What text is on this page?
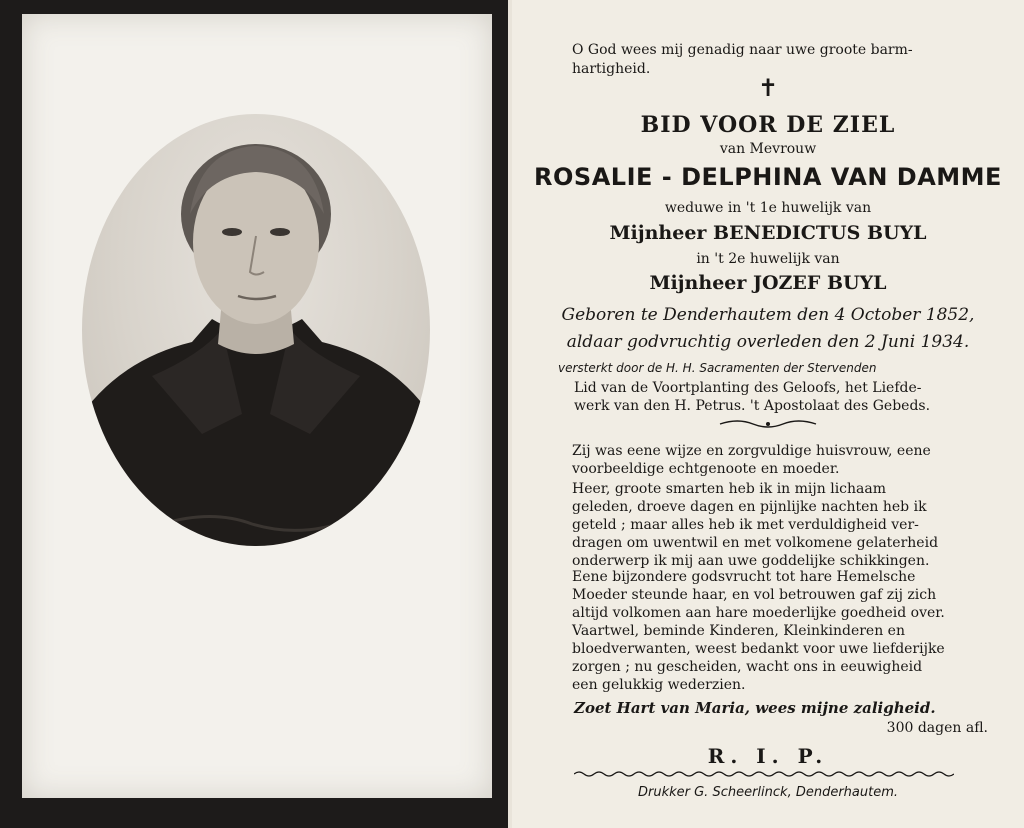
O God wees mij genadig naar uwe groote barm-
hartigheid.
✝
BID VOOR DE ZIEL
van Mevrouw
ROSALIE - DELPHINA VAN DAMME
weduwe in 't 1e huwelijk van
Mijnheer BENEDICTUS BUYL
in 't 2e huwelijk van
Mijnheer JOZEF BUYL
Geboren te Denderhautem den 4 October 1852,
aldaar godvruchtig overleden den 2 Juni 1934.
versterkt door de H. H. Sacramenten der Stervenden
Lid van de Voortplanting des Geloofs, het Liefde-
werk van den H. Petrus. 't Apostolaat des Gebeds.
Zij was eene wijze en zorgvuldige huisvrouw, eene
voorbeeldige echtgenoote en moeder.
Heer, groote smarten heb ik in mijn lichaam
geleden, droeve dagen en pijnlijke nachten heb ik
geteld ; maar alles heb ik met verduldigheid ver-
dragen om uwentwil en met volkomene gelaterheid
onderwerp ik mij aan uwe goddelijke schikkingen.
Eene bijzondere godsvrucht tot hare Hemelsche
Moeder steunde haar, en vol betrouwen gaf zij zich
altijd volkomen aan hare moederlijke goedheid over.
Vaartwel, beminde Kinderen, Kleinkinderen en
bloedverwanten, weest bedankt voor uwe liefderijke
zorgen ; nu gescheiden, wacht ons in eeuwigheid
een gelukkig wederzien.
Zoet Hart van Maria, wees mijne zaligheid.
300 dagen afl.
R. I. P.
Drukker G. Scheerlinck, Denderhautem.
